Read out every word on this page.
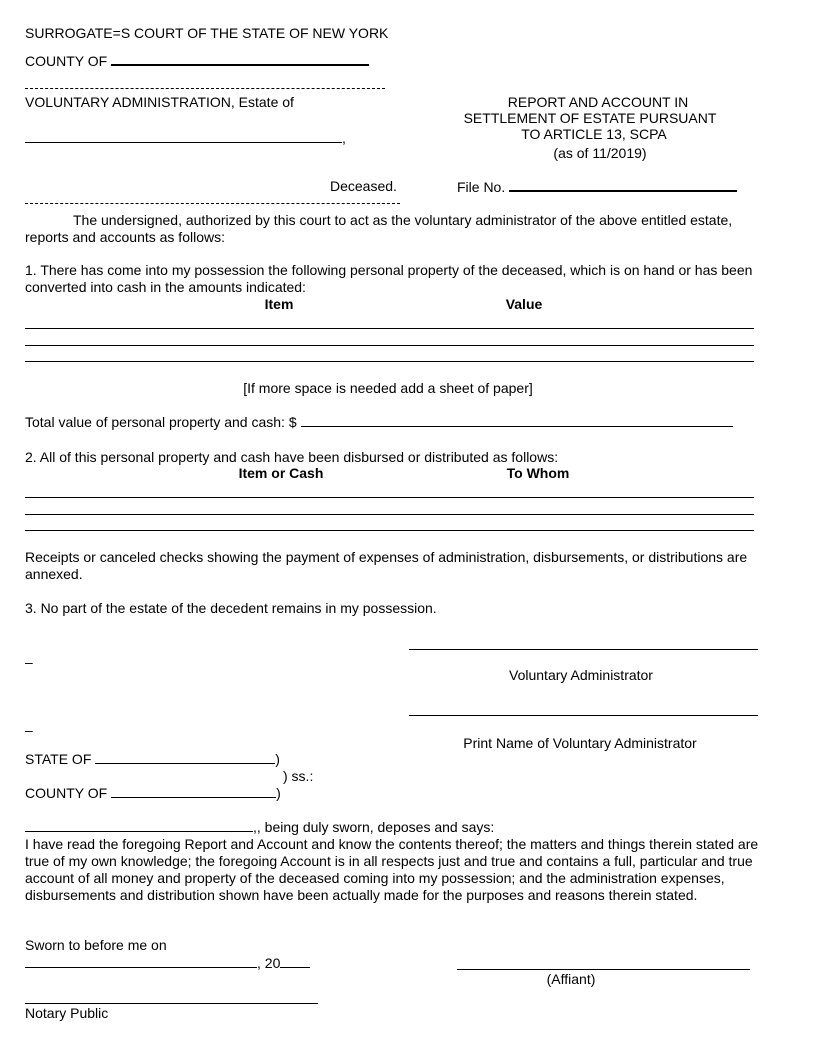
SURROGATE=S COURT OF THE STATE OF NEW YORK
COUNTY OF
VOLUNTARY ADMINISTRATION, Estate of
,
REPORT AND ACCOUNT IN
SETTLEMENT OF ESTATE PURSUANT
TO ARTICLE 13, SCPA
(as of 11/2019)
Deceased.	File No.
The undersigned, authorized by this court to act as the voluntary administrator of the above entitled estate, reports and accounts as follows:
1. There has come into my possession the following personal property of the deceased, which is on hand or has been converted into cash in the amounts indicated:
Item	Value
[If more space is needed add a sheet of paper]
Total value of personal property and cash: $
2. All of this personal property and cash have been disbursed or distributed as follows:
Item or Cash	To Whom
Receipts or canceled checks showing the payment of expenses of administration, disbursements, or distributions are annexed.
3. No part of the estate of the decedent remains in my possession.
–
Voluntary Administrator
–
Print Name of Voluntary Administrator
STATE OF	)
) ss.:
COUNTY OF	)
,, being duly sworn, deposes and says:
I have read the foregoing Report and Account and know the contents thereof; the matters and things therein stated are true of my own knowledge; the foregoing Account is in all respects just and true and contains a full, particular and true account of all money and property of the deceased coming into my possession; and the administration expenses, disbursements and distribution shown have been actually made for the purposes and reasons therein stated.
Sworn to before me on
, 20
(Affiant)
Notary Public
